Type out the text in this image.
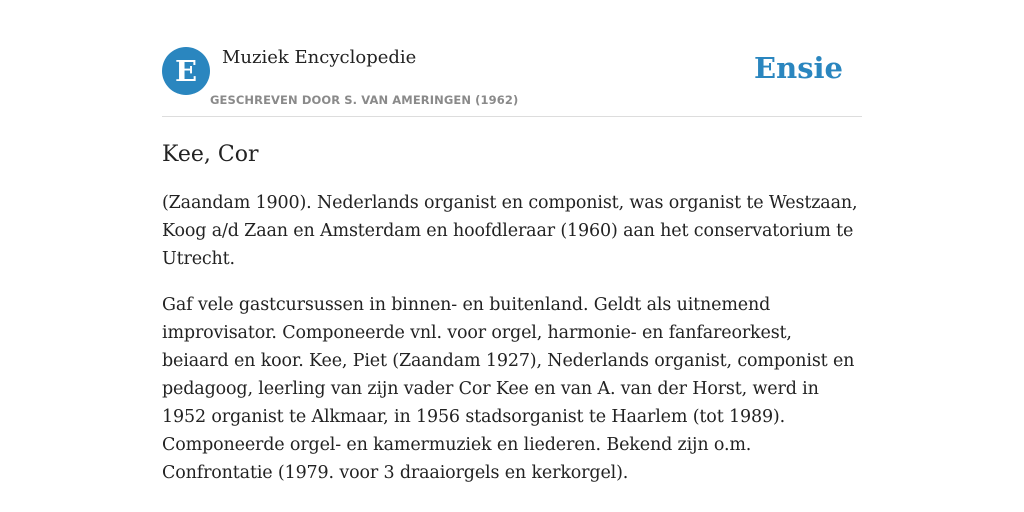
E	Muziek Encyclopedie
GESCHREVEN DOOR S. VAN AMERINGEN (1962)
Ensie
Kee, Cor

(Zaandam 1900). Nederlands organist en componist, was organist te Westzaan, Koog a/d Zaan en Amsterdam en hoofdleraar (1960) aan het conservatorium te Utrecht.

Gaf vele gastcursussen in binnen- en buitenland. Geldt als uitnemend improvisator. Componeerde vnl. voor orgel, harmonie- en fanfareorkest, beiaard en koor. Kee, Piet (Zaandam 1927), Nederlands organist, componist en pedagoog, leerling van zijn vader Cor Kee en van A. van der Horst, werd in 1952 organist te Alkmaar, in 1956 stadsorganist te Haarlem (tot 1989). Componeerde orgel- en kamermuziek en liederen. Bekend zijn o.m. Confrontatie (1979. voor 3 draaiorgels en kerkorgel).
